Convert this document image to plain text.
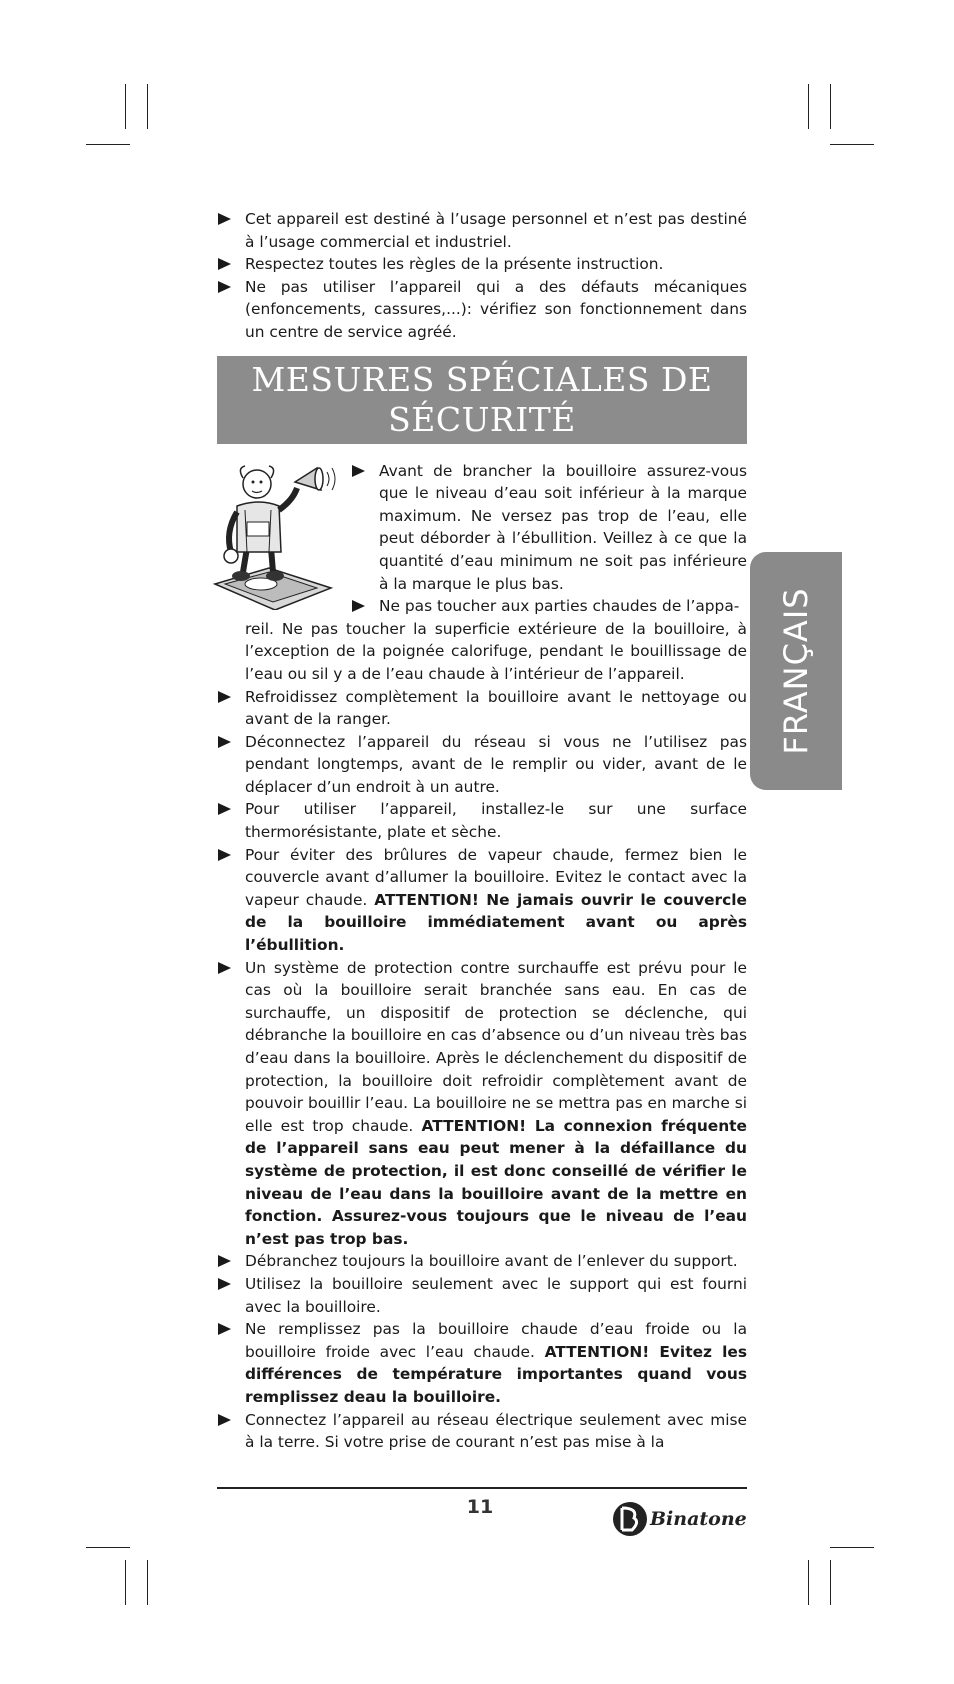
Cet appareil est destiné à l’usage personnel et n’est pas destiné à l’usage commercial et industriel.

Respectez toutes les règles de la présente instruction.

Ne pas utiliser l’appareil qui a des défauts mécaniques (enfoncements, cassures,...): vérifiez son fonctionnement dans un centre de service agréé.

MESURES SPÉCIALES DE
SÉCURITÉ

Avant de brancher la bouilloire assurez-vous que le niveau d’eau soit inférieur à la marque maximum. Ne versez pas trop de l’eau, elle peut déborder à l’ébullition. Veillez à ce que la quantité d’eau minimum ne soit pas inférieure à la marque le plus bas.

Ne pas toucher aux parties chaudes de l’appa-

reil. Ne pas toucher la superficie extérieure de la bouilloire, à l’exception de la poignée calorifuge, pendant le bouillissage de l’eau ou sil y a de l’eau chaude à l’intérieur de l’appareil.

Refroidissez complètement la bouilloire avant le nettoyage ou avant de la ranger.

Déconnectez l’appareil du réseau si vous ne l’utilisez pas pendant longtemps, avant de le remplir ou vider, avant de le déplacer d’un endroit à un autre.

Pour utiliser l’appareil, installez-le sur une surface thermorésistante, plate et sèche.

Pour éviter des brûlures de vapeur chaude, fermez bien le couvercle avant d’allumer la bouilloire. Evitez le contact avec la vapeur chaude. ATTENTION! Ne jamais ouvrir le couvercle de la bouilloire immédiatement avant ou après l’ébullition.

Un système de protection contre surchauffe est prévu pour le cas où la bouilloire serait branchée sans eau. En cas de surchauffe, un dispositif de protection se déclenche, qui débranche la bouilloire en cas d’absence ou d’un niveau très bas d’eau dans la bouilloire. Après le déclenchement du dispositif de protection, la bouilloire doit refroidir complètement avant de pouvoir bouillir l’eau. La bouilloire ne se mettra pas en marche si elle est trop chaude. ATTENTION! La connexion fréquente de l’appareil sans eau peut mener à la défaillance du système de protection, il est donc conseillé de vérifier le niveau de l’eau dans la bouilloire avant de la mettre en fonction. Assurez-vous toujours que le niveau de l’eau n’est pas trop bas.

Débranchez toujours la bouilloire avant de l’enlever du support.

Utilisez la bouilloire seulement avec le support qui est fourni avec la bouilloire.

Ne remplissez pas la bouilloire chaude d’eau froide ou la bouilloire froide avec l’eau chaude. ATTENTION! Evitez les différences de température importantes quand vous remplissez deau la bouilloire.

Connectez l’appareil au réseau électrique seulement avec mise à la terre. Si votre prise de courant n’est pas mise à la

FRANÇAIS
11
Binatone
